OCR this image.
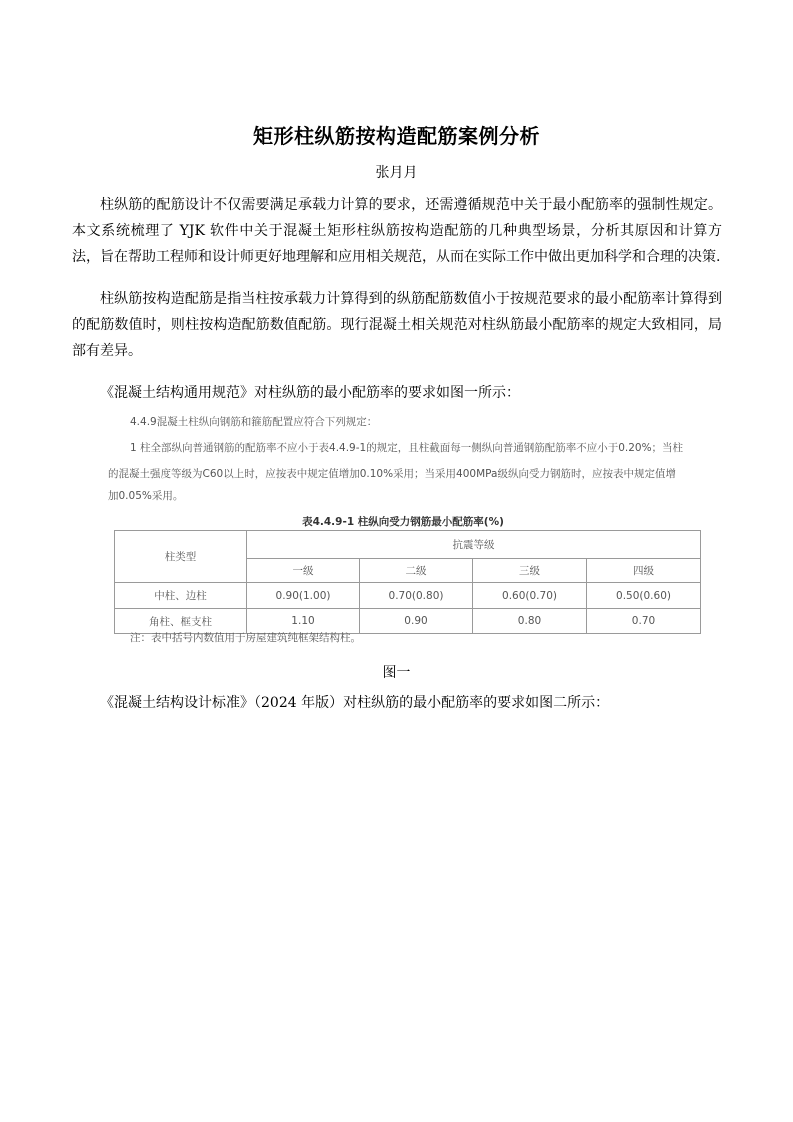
矩形柱纵筋按构造配筋案例分析
张月月
柱纵筋的配筋设计不仅需要满足承载力计算的要求，还需遵循规范中关于最小配筋率的强制性规定。本文系统梳理了 YJK 软件中关于混凝土矩形柱纵筋按构造配筋的几种典型场景，分析其原因和计算方法，旨在帮助工程师和设计师更好地理解和应用相关规范，从而在实际工作中做出更加科学和合理的决策.
柱纵筋按构造配筋是指当柱按承载力计算得到的纵筋配筋数值小于按规范要求的最小配筋率计算得到的配筋数值时，则柱按构造配筋数值配筋。现行混凝土相关规范对柱纵筋最小配筋率的规定大致相同，局部有差异。
《混凝土结构通用规范》对柱纵筋的最小配筋率的要求如图一所示：
4.4.9混凝土柱纵向钢筋和箍筋配置应符合下列规定：
1 柱全部纵向普通钢筋的配筋率不应小于表4.4.9-1的规定，且柱截面每一侧纵向普通钢筋配筋率不应小于0.20%；当柱
的混凝土强度等级为C60以上时，应按表中规定值增加0.10%采用；当采用400MPa级纵向受力钢筋时，应按表中规定值增
加0.05%采用。
表4.4.9-1 柱纵向受力钢筋最小配筋率(%)
柱类型	抗震等级			
	一级	二级	三级	四级
中柱、边柱	0.90(1.00)	0.70(0.80)	0.60(0.70)	0.50(0.60)
角柱、框支柱	1.10	0.90	0.80	0.70
注：表中括号内数值用于房屋建筑纯框架结构柱。
图一
《混凝土结构设计标准》（2024 年版）对柱纵筋的最小配筋率的要求如图二所示：
